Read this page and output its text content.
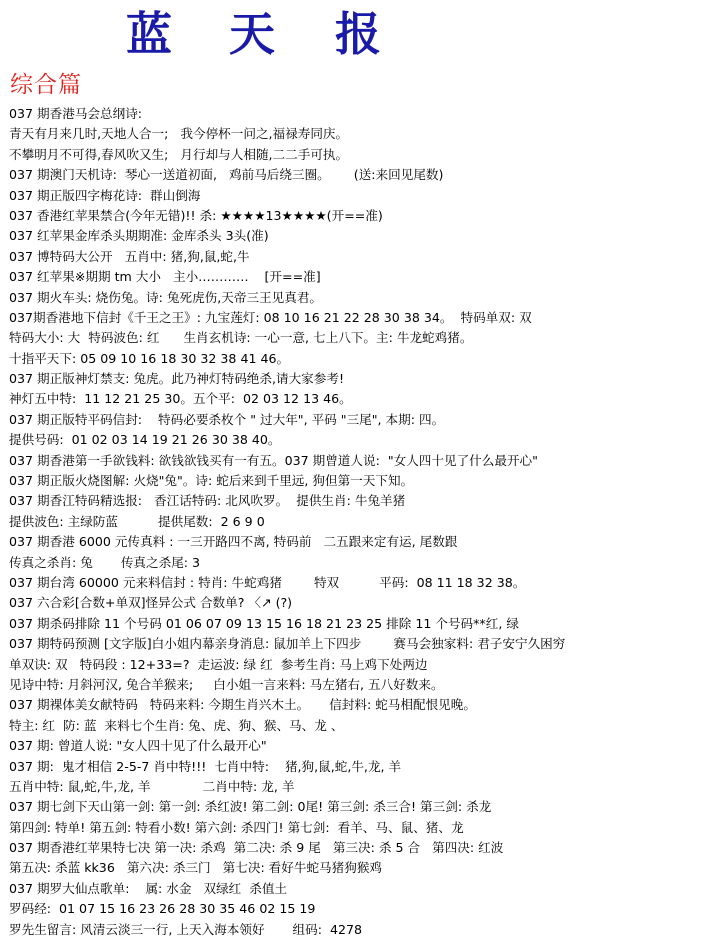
蓝 天 报
综合篇
037 期香港马会总纲诗:
青天有月来几时,天地人合一;   我今停杯一问之,福禄寿同庆。
不攀明月不可得,春风吹又生;   月行却与人相随,二二手可执。
037 期澳门天机诗:  琴心一送道初面,   鸡前马后绕三圈。      (送:来回见尾数)
037 期正版四字梅花诗:  群山倒海
037 香港红苹果禁合(今年无错)!! 杀: ★★★★13★★★★(开==准)
037 红苹果金库杀头期期准: 金库杀头 3头(准)
037 博特码大公开   五肖中: 猪,狗,鼠,蛇,牛
037 红苹果※期期 tm 大小   主小…………    [开==准]
037 期火车头: 烧伤兔。诗: 兔死虎伤,天帝三王见真君。
037期香港地下信封《千王之王》: 九宝莲灯: 08 10 16 21 22 28 30 38 34。  特码单双: 双
特码大小: 大  特码波色: 红      生肖玄机诗: 一心一意, 七上八下。主: 牛龙蛇鸡猪。
十指平天下: 05 09 10 16 18 30 32 38 41 46。
037 期正版神灯禁支: 兔虎。此乃神灯特码绝杀,请大家参考!
神灯五中特:  11 12 21 25 30。五个平:  02 03 12 13 46。
037 期正版特平码信封:    特码必要杀枚个 " 过大年", 平码 "三尾", 本期: 四。
提供号码:  01 02 03 14 19 21 26 30 38 40。
037 期香港第一手欲钱料: 欲钱欲钱买有一有五。037 期曾道人说:  "女人四十见了什么最开心"
037 期正版火烧图解: 火烧"兔"。诗: 蛇后来到千里远, 狗但第一天下知。
037 期香江特码精选报:   香江话特码: 北风吹罗。  提供生肖: 牛兔羊猪
提供波色: 主绿防蓝          提供尾数:  2 6 9 0
037 期香港 6000 元传真料 : 一三开路四不离, 特码前   二五跟来定有运, 尾数跟
传真之杀肖: 兔       传真之杀尾: 3
037 期台湾 60000 元来料信封 : 特肖: 牛蛇鸡猪        特双          平码:  08 11 18 32 38。
037 六合彩[合数+单双]怪异公式 合数单? 〈↗ (?)
037 期杀码排除 11 个号码 01 06 07 09 13 15 16 18 21 23 25 排除 11 个号码**红, 绿
037 期特码预测 [文字版]白小姐内幕亲身消息: 鼠加羊上下四步        赛马会独家料: 君子安宁久困穷
单双诀: 双   特码段 : 12+33=?  走运波: 绿 红  参考生肖: 马上鸡下处两边
见诗中特: 月斜河汉, 兔合羊猴来;     白小姐一言来料: 马左猪右, 五八好数来。
037 期裸体美女献特码   特码来料: 今期生肖兴木土。     信封料: 蛇马相配恨见晚。
特主: 红  防: 蓝  来料七个生肖: 兔、虎、狗、猴、马、龙 、
037 期: 曾道人说: "女人四十见了什么最开心"
037 期:  鬼才相信 2-5-7 肖中特!!!  七肖中特:    猪,狗,鼠,蛇,牛,龙, 羊
五肖中特: 鼠,蛇,牛,龙, 羊             二肖中特: 龙, 羊
037 期七剑下天山第一剑: 第一剑: 杀红波! 第二剑: 0尾! 第三剑: 杀三合! 第三剑: 杀龙
第四剑: 特单! 第五剑: 特看小数! 第六剑: 杀四门! 第七剑:  看羊、马、鼠、猪、龙
037 期香港红苹果特七决 第一决: 杀鸡  第二决: 杀 9 尾   第三决: 杀 5 合   第四决: 红波
第五决: 杀蓝 kk36   第六决: 杀三门   第七决: 看好牛蛇马猪狗猴鸡
037 期罗大仙点歌单:    属: 水金   双绿红  杀值土
罗码经:  01 07 15 16 23 26 28 30 35 46 02 15 19
罗先生留言: 风清云淡三一行, 上天入海本领好       组码:  4278
